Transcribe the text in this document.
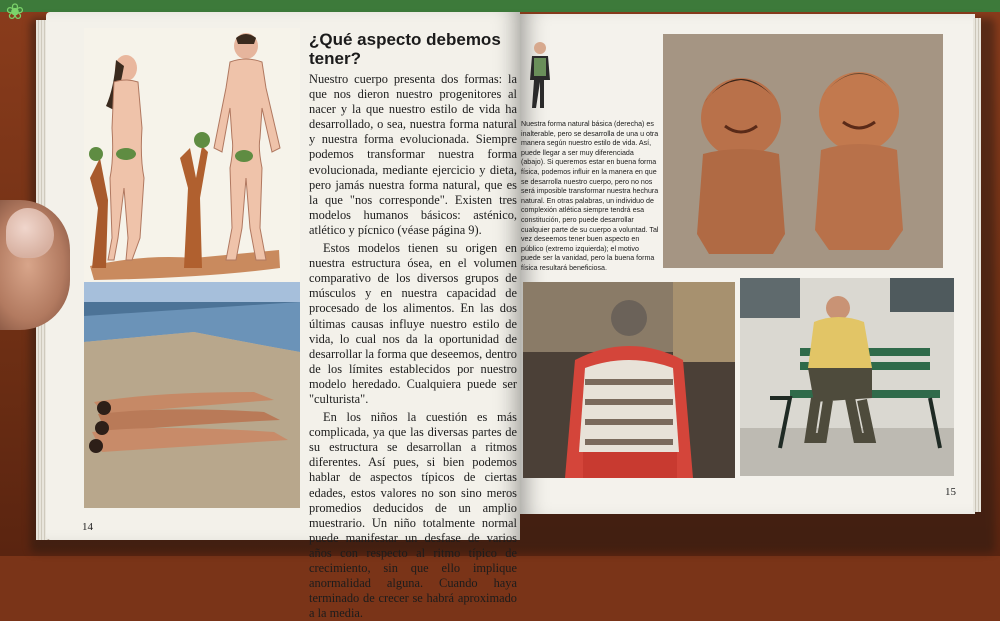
❀
¿Qué aspecto debemos tener?

Nuestro cuerpo presenta dos formas: la que nos dieron nuestro progenitores al nacer y la que nuestro estilo de vida ha desarrollado, o sea, nuestra forma natural y nuestra forma evolucionada. Siempre podemos transformar nuestra forma evolucionada, mediante ejercicio y dieta, pero jamás nuestra forma natural, que es la que "nos corresponde". Existen tres modelos humanos básicos: asténico, atlético y pícnico (véase página 9).

Estos modelos tienen su origen en nuestra estructura ósea, en el volumen comparativo de los diversos grupos de músculos y en nuestra capacidad de procesado de los alimentos. En las dos últimas causas influye nuestro estilo de vida, lo cual nos da la oportunidad de desarrollar la forma que deseemos, dentro de los límites establecidos por nuestro modelo heredado. Cualquiera puede ser "culturista".

En los niños la cuestión es más complicada, ya que las diversas partes de su estructura se desarrollan a ritmos diferentes. Así pues, si bien podemos hablar de aspectos típicos de ciertas edades, estos valores no son sino meros promedios deducidos de un amplio muestrario. Un niño totalmente normal puede manifestar un desfase de varios años con respecto al ritmo típico de crecimiento, sin que ello implique anormalidad alguna. Cuando haya terminado de crecer se habrá aproximado a la media.

Nuestra forma natural básica (derecha) es inalterable, pero se desarrolla de una u otra manera según nuestro estilo de vida. Así, puede llegar a ser muy diferenciada (abajo). Si queremos estar en buena forma física, podemos influir en la manera en que se desarrolla nuestro cuerpo, pero no nos será imposible transformar nuestra hechura natural. En otras palabras, un individuo de complexión atlética siempre tendrá esa constitución, pero puede desarrollar cualquier parte de su cuerpo a voluntad. Tal vez deseemos tener buen aspecto en público (extremo izquierda); el motivo puede ser la vanidad, pero la buena forma física resultará beneficiosa.
14
15
